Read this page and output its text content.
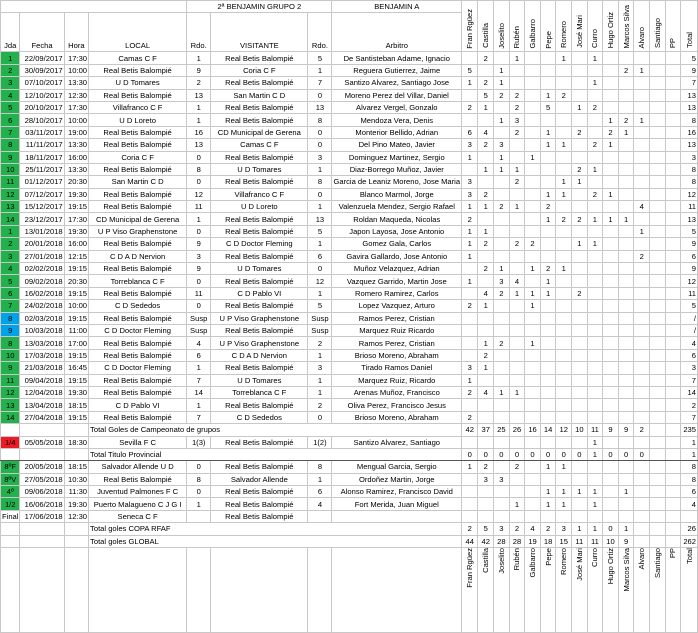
				2ª BENJAMIN GRUPO 2			BENJAMIN A	Fran Rgüez	Castilla	Joselito	Rubén	Galbarro	Pepe	Romero	José Mari	Curro	Hugo Ortiz	Marcos Silva	Alvaro	Santiago	PP	Total
Jda	Fecha	Hora	LOCAL	Rdo.	VISITANTE	Rdo.	Arbitro															
1	22/09/2017	17:30	Camas C F	1	Real Betis Balompié	5	De Santisteban Adame, Ignacio		2		1			1		1						5
2	30/09/2017	10:00	Real Betis Balompié	9	Coria C F	1	Reguera Gutierrez, Jaime	5		1								2	1			9
3	07/10/2017	13:30	U D Tomares	2	Real Betis Balompié	7	Santizo Alvarez, Santiago Jose	1	2	1						1						7
4	12/10/2017	12:30	Real Betis Balompié	13	San Martin C D	0	Moreno Perez del Villar, Daniel		5	2	2		1	2								13
5	20/10/2017	17:30	Villafranco C F	1	Real Betis Balompié	13	Alvarez Vergel, Gonzalo	2	1		2		5		1	2						13
6	28/10/2017	10:00	U D Loreto	1	Real Betis Balompié	8	Mendoza Vera, Denis			1	3						1	2	1			8
7	03/11/2017	19:00	Real Betis Balompié	16	CD Municipal de Gerena	0	Monterior Bellido, Adrian	6	4		2		1		2		2	1				16
8	11/11/2017	13:30	Real Betis Balompié	13	Camas C F	0	Del Pino Mateo, Javier	3	2	3			1	1		2	1					13
9	18/11/2017	16:00	Coria C F	0	Real Betis Balompié	3	Dominguez Martinez, Sergio	1		1		1										3
10	25/11/2017	13:30	Real Betis Balompié	8	U D Tomares	1	Diaz-Borrego Muñoz, Javier		1	1	1				2	1						8
11	01/12/2017	20:30	San Martin C D	0	Real Betis Balompié	8	Garcia de Leaniz Moreno, Jose Maria	3			2			1	1							8
12	07/12/2017	19:30	Real Betis Balompié	12	Villafranco C F	0	Blanco Marmol, Jorge	3	2				1	1		2	1					12
13	15/12/2017	19:15	Real Betis Balompié	11	U D Loreto	1	Valenzuela Mendez, Sergio Rafael	1	1	2	1		2						4			11
14	23/12/2017	17:30	CD Municipal de Gerena	1	Real Betis Balompié	13	Roldan Maqueda, Nicolas	2					1	2	2	1	1	1				13
1	13/01/2018	19:30	U P Viso Graphenstone	0	Real Betis Balompié	5	Japon Layosa, Jose Antonio	1	1										1			5
2	20/01/2018	16:00	Real Betis Balompié	9	C D Doctor Fleming	1	Gomez Gala, Carlos	1	2		2	2			1	1						9
3	27/01/2018	12:15	C D A D Nervion	3	Real Betis Balompié	6	Gavira Gallardo, Jose Antonio	1											2			6
4	02/02/2018	19:15	Real Betis Balompié	9	U D Tomares	0	Muñoz Velazquez, Adrian		2	1		1	2	1								9
5	09/02/2018	20:30	Torreblanca C F	0	Real Betis Balompié	12	Vazquez Garrido, Martin Jose	1		3	4		1									12
6	16/02/2018	19:15	Real Betis Balompié	11	C D Pablo VI	1	Romero Ramirez, Carlos		4	2	1	1	1		2							11
7	24/02/2018	10:00	C D Sededos	0	Real Betis Balompié	5	Lopez Vazquez, Arturo	2	1			1										5
8	02/03/2018	19:15	Real Betis Balompié	Susp	U P Viso Graphenstone	Susp	Ramos Perez, Cristian															/
9	10/03/2018	11:00	C D Doctor Fleming	Susp	Real Betis Balompié	Susp	Marquez Ruiz Ricardo															/
8	13/03/2018	17:00	Real Betis Balompié	4	U P Viso Graphenstone	2	Ramos Perez, Cristian		1	2		1										4
10	17/03/2018	19:15	Real Betis Balompié	6	C D A D Nervion	1	Brioso Moreno, Abraham		2													6
9	21/03/2018	16:45	C D Doctor Fleming	1	Real Betis Balompié	3	Tirado Ramos Daniel	3	1													3
11	09/04/2018	19:15	Real Betis Balompié	7	U D Tomares	1	Marquez Ruiz, Ricardo	1														7
12	12/04/2018	19:30	Real Betis Balompié	14	Torreblanca C F	1	Arenas Muñoz, Francisco	2	4	1	1											14
13	13/04/2018	18:15	C D Pablo VI	1	Real Betis Balompié	2	Oliva Perez, Francisco Jesus															2
14	27/04/2018	19:15	Real Betis Balompié	7	C D Sededos	0	Brioso Moreno, Abraham	2														7
			Total Goles de Campeonato de grupos					42	37	25	26	16	14	12	10	11	9	9	2			235
1/4	05/05/2018	18:30	Sevilla F C	1(3)	Real Betis Balompié	1(2)	Santizo Alvarez, Santiago									1						1
			Total Titulo Provincial					0	0	0	0	0	0	0	0	1	0	0	0			1
8ºF	20/05/2018	18:15	Salvador Allende U D	0	Real Betis Balompié	8	Mengual Garcia, Sergio	1	2		2		1	1								8
8ºV	27/05/2018	10:30	Real Betis Balompié	8	Salvador Allende	1	Ordoñez Martin, Jorge		3	3												8
4º	09/06/2018	11:30	Juventud Palmones F C	0	Real Betis Balompié	6	Alonso Ramirez, Francisco David						1	1	1	1		1				6
1/2	16/06/2018	19:30	Puerto Malagueno C J G I	1	Real Betis Balompié	4	Fort Merida, Juan Miguel				1		1	1		1						4
Final	17/06/2018	12:30	Seneca C F		Real Betis Balompié																	
			Total goles COPA RFAF					2	5	3	2	4	2	3	1	1	0	1				26
			Total goles GLOBAL					44	42	28	28	19	18	15	11	11	10	9				262
								Fran Rgüez	Castilla	Joselito	Rubén	Galbarro	Pepe	Romero	José Mari	Curro	Hugo Ortiz	Marcos Silva	Alvaro	Santiago	PP	Total
